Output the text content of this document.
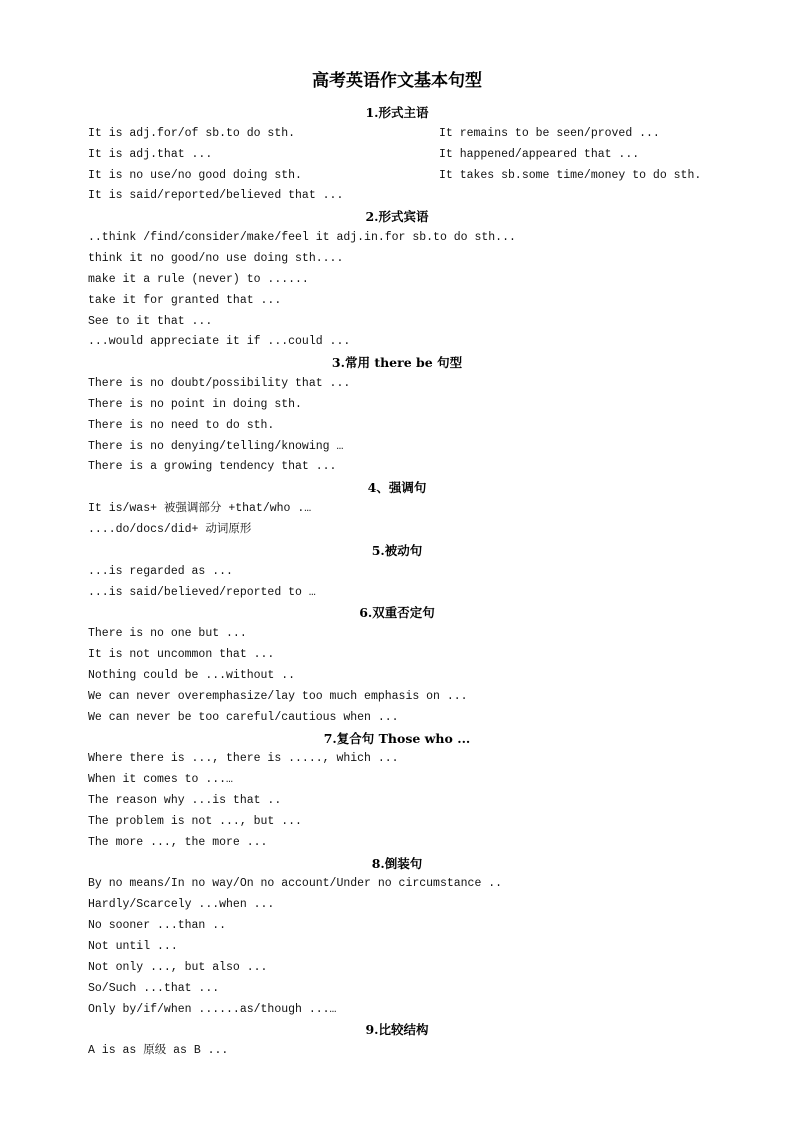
高考英语作文基本句型
1.形式主语
It is adj.for/of sb.to do sth.
It is adj.that ...
It is no use/no good doing sth.
It is said/reported/believed that ...
It remains to be seen/proved ...
It happened/appeared that ...
It takes sb.some time/money to do sth.
2.形式宾语
..think /find/consider/make/feel it adj.in.for sb.to do sth...
think it no good/no use doing sth....
make it a rule (never) to ......
take it for granted that ...
See to it that ...
...would appreciate it if ...could ...
3.常用 there be 句型
There is no doubt/possibility that ...
There is no point in doing sth.
There is no need to do sth.
There is no denying/telling/knowing …
There is a growing tendency that ...
4、强调句
It is/was+ 被强调部分 +that/who .…
....do/docs/did+ 动词原形
5.被动句
...is regarded as ...
...is said/believed/reported to …
6.双重否定句
There is no one but ...
It is not uncommon that ...
Nothing could be ...without ..
We can never overemphasize/lay too much emphasis on ...
We can never be too careful/cautious when ...
7.复合句 Those who ...
Where there is ..., there is ....., which ...
When it comes to ...…
The reason why ...is that ..
The problem is not ..., but ...
The more ..., the more ...
8.倒装句
By no means/In no way/On no account/Under no circumstance ..
Hardly/Scarcely ...when ...
No sooner ...than ..
Not until ...
Not only ..., but also ...
So/Such ...that ...
Only by/if/when ......as/though ...…
9.比较结构
A is as 原级 as B ...
